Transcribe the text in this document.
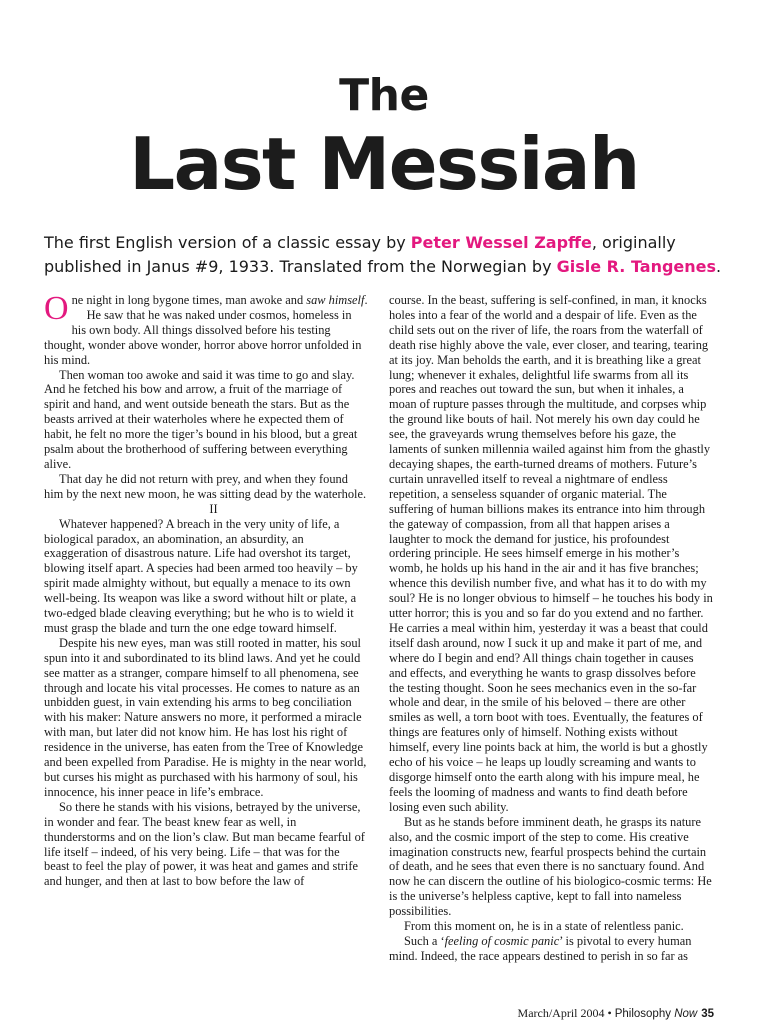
The
Last Messiah
The first English version of a classic essay by Peter Wessel Zapffe, originally published in Janus #9, 1933. Translated from the Norwegian by Gisle R. Tangenes.

One night in long bygone times, man awoke and saw himself.

He saw that he was naked under cosmos, homeless in his own body. All things dissolved before his testing thought, wonder above wonder, horror above horror unfolded in his mind.

Then woman too awoke and said it was time to go and slay. And he fetched his bow and arrow, a fruit of the marriage of spirit and hand, and went outside beneath the stars. But as the beasts arrived at their waterholes where he expected them of habit, he felt no more the tiger’s bound in his blood, but a great psalm about the brotherhood of suffering between everything alive.

That day he did not return with prey, and when they found him by the next new moon, he was sitting dead by the waterhole.

II

Whatever happened? A breach in the very unity of life, a biological paradox, an abomination, an absurdity, an exaggeration of disastrous nature. Life had overshot its target, blowing itself apart. A species had been armed too heavily – by spirit made almighty without, but equally a menace to its own well-being. Its weapon was like a sword without hilt or plate, a two-edged blade cleaving everything; but he who is to wield it must grasp the blade and turn the one edge toward himself.

Despite his new eyes, man was still rooted in matter, his soul spun into it and subordinated to its blind laws. And yet he could see matter as a stranger, compare himself to all phenomena, see through and locate his vital processes. He comes to nature as an unbidden guest, in vain extending his arms to beg conciliation with his maker: Nature answers no more, it performed a miracle with man, but later did not know him. He has lost his right of residence in the universe, has eaten from the Tree of Knowledge and been expelled from Paradise. He is mighty in the near world, but curses his might as purchased with his harmony of soul, his innocence, his inner peace in life’s embrace.

So there he stands with his visions, betrayed by the universe, in wonder and fear. The beast knew fear as well, in thunderstorms and on the lion’s claw. But man became fearful of life itself – indeed, of his very being. Life – that was for the beast to feel the play of power, it was heat and games and strife and hunger, and then at last to bow before the law of

course. In the beast, suffering is self-confined, in man, it knocks holes into a fear of the world and a despair of life. Even as the child sets out on the river of life, the roars from the waterfall of death rise highly above the vale, ever closer, and tearing, tearing at its joy. Man beholds the earth, and it is breathing like a great lung; whenever it exhales, delightful life swarms from all its pores and reaches out toward the sun, but when it inhales, a moan of rupture passes through the multitude, and corpses whip the ground like bouts of hail. Not merely his own day could he see, the graveyards wrung themselves before his gaze, the laments of sunken millennia wailed against him from the ghastly decaying shapes, the earth-turned dreams of mothers. Future’s curtain unravelled itself to reveal a nightmare of endless repetition, a senseless squander of organic material. The suffering of human billions makes its entrance into him through the gateway of compassion, from all that happen arises a laughter to mock the demand for justice, his profoundest ordering principle. He sees himself emerge in his mother’s womb, he holds up his hand in the air and it has five branches; whence this devilish number five, and what has it to do with my soul? He is no longer obvious to himself – he touches his body in utter horror; this is you and so far do you extend and no farther. He carries a meal within him, yesterday it was a beast that could itself dash around, now I suck it up and make it part of me, and where do I begin and end? All things chain together in causes and effects, and everything he wants to grasp dissolves before the testing thought. Soon he sees mechanics even in the so-far whole and dear, in the smile of his beloved – there are other smiles as well, a torn boot with toes. Eventually, the features of things are features only of himself. Nothing exists without himself, every line points back at him, the world is but a ghostly echo of his voice – he leaps up loudly screaming and wants to disgorge himself onto the earth along with his impure meal, he feels the looming of madness and wants to find death before losing even such ability.

But as he stands before imminent death, he grasps its nature also, and the cosmic import of the step to come. His creative imagination constructs new, fearful prospects behind the curtain of death, and he sees that even there is no sanctuary found. And now he can discern the outline of his biologico-cosmic terms: He is the universe’s helpless captive, kept to fall into nameless possibilities.

From this moment on, he is in a state of relentless panic.

Such a ‘feeling of cosmic panic’ is pivotal to every human mind. Indeed, the race appears destined to perish in so far as

March/April 2004 • Philosophy Now 35
